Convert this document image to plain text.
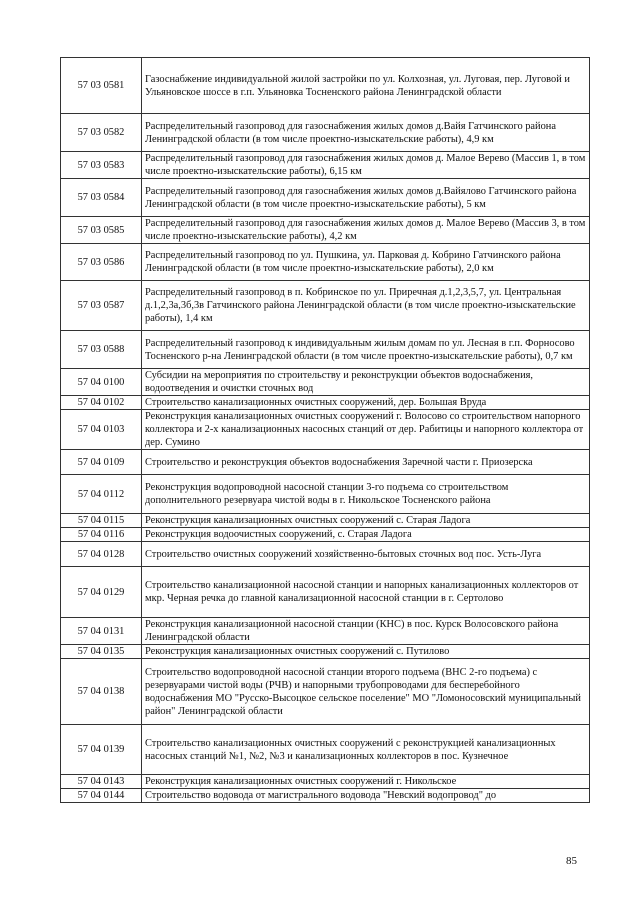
57 03 0581	Газоснабжение индивидуальной жилой застройки по ул. Колхозная, ул. Луговая, пер. Луговой и Ульяновское шоссе в г.п. Ульяновка Тосненского района Ленинградской области
57 03 0582	Распределительный газопровод для газоснабжения жилых домов д.Вайя Гатчинского района Ленинградской области (в том числе проектно-изыскательские работы), 4,9 км
57 03 0583	Распределительный газопровод для газоснабжения жилых домов д. Малое Верево (Массив 1, в том числе проектно-изыскательские работы), 6,15 км
57 03 0584	Распределительный газопровод для газоснабжения жилых домов д.Вайялово Гатчинского района Ленинградской области (в том числе проектно-изыскательские работы), 5 км
57 03 0585	Распределительный газопровод для газоснабжения жилых домов д. Малое Верево (Массив 3, в том числе проектно-изыскательские работы), 4,2 км
57 03 0586	Распределительный газопровод по ул. Пушкина, ул. Парковая д. Кобрино Гатчинского района Ленинградской области (в том числе проектно-изыскательские работы), 2,0 км
57 03 0587	Распределительный газопровод в п. Кобринское по ул. Приречная д.1,2,3,5,7, ул. Центральная д.1,2,3а,3б,3в Гатчинского района Ленинградской области (в том числе проектно-изыскательские работы), 1,4 км
57 03 0588	Распределительный газопровод к индивидуальным жилым домам по ул. Лесная в г.п. Форносово Тосненского р-на Ленинградской области (в том числе проектно-изыскательские работы), 0,7 км
57 04 0100	Субсидии на мероприятия по строительству и реконструкции объектов водоснабжения, водоотведения и очистки сточных вод
57 04 0102	Строительство канализационных очистных сооружений, дер. Большая Вруда
57 04 0103	Реконструкция канализационных очистных сооружений г. Волосово со строительством напорного коллектора и 2-х канализационных насосных станций от дер. Рабитицы и напорного коллектора от дер. Сумино
57 04 0109	Строительство и реконструкция объектов водоснабжения Заречной части г. Приозерска
57 04 0112	Реконструкция водопроводной насосной станции 3-го подъема со строительством дополнительного резервуара чистой воды в г. Никольское Тосненского района
57 04 0115	Реконструкция канализационных очистных сооружений с. Старая Ладога
57 04 0116	Реконструкция водоочистных сооружений, с. Старая Ладога
57 04 0128	Строительство очистных сооружений хозяйственно-бытовых сточных вод пос. Усть-Луга
57 04 0129	Строительство канализационной насосной станции и напорных канализационных коллекторов от мкр. Черная речка до главной канализационной насосной станции в г. Сертолово
57 04 0131	Реконструкция канализационной насосной станции (КНС) в пос. Курск Волосовского района Ленинградской области
57 04 0135	Реконструкция канализационных очистных сооружений с. Путилово
57 04 0138	Строительство водопроводной насосной станции второго подъема (ВНС 2-го подъема) с резервуарами чистой воды (РЧВ) и напорными трубопроводами для бесперебойного водоснабжения МО "Русско-Высоцкое сельское поселение" МО "Ломоносовский муниципальный район" Ленинградской области
57 04 0139	Строительство канализационных очистных сооружений с реконструкцией канализационных насосных станций №1, №2, №3 и канализационных коллекторов в пос. Кузнечное
57 04 0143	Реконструкция канализационных очистных сооружений г. Никольское
57 04 0144	Строительство водовода от магистрального водовода "Невский водопровод" до
85
